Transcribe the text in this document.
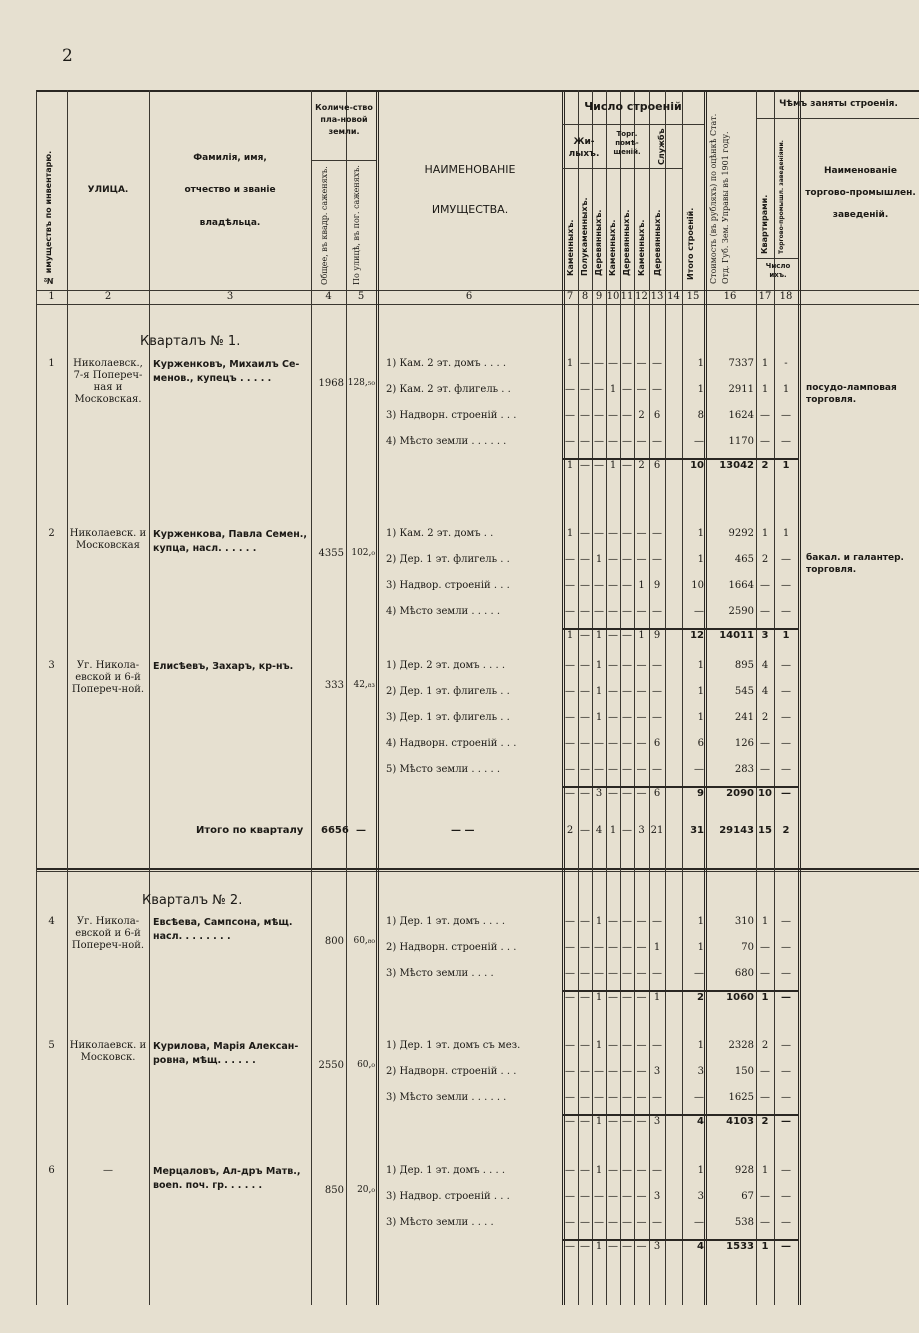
2
№ имуществъ по инвентарю.	УЛИЦА.
Фамилія, имя,
отчество и званіе
владѣльца.
Количе-ство пла-новой земли.
Общее, въ квадр. саженяхъ.	По улицѣ, въ пог. саженяхъ.	НАИМЕНОВАНІЕ
ИМУЩЕСТВА.
Число строеній
Жи-лыхъ.
Торг. помѣ-щеній.	Службъ
Каменныхъ. Полукаменныхъ. Деревянныхъ. Каменныхъ. Деревянныхъ. Каменныхъ. Деревянныхъ.	Итого строеній. Стоимость (въ рубляхъ) по оцѣнкѣ Стат. Отд. Губ. Зем. Управы въ 1901 году.
Чѣмъ заняты строенія.
Квартирами. Торгово-промышл. заведеніями.
Число ихъ.
Наименованіе торгово-промышлен. заведеній.
1	2	3	4	5	6	7 8 9 10 11 12 13 14 15	16	17 18
Кварталъ № 1.
Кварталъ № 2.
1	Николаевск., 7-я Попереч-ная и Московская.
Курженковъ, Михаилъ Се-менов., купецъ . . . . .	1968 128,₅₀
1) Кам. 2 эт. домъ . . . .	1 — — — — — —	1	7337 1	-
2) Кам. 2 эт. флигель . .	— — — 1 — — —	1	2911 1	1
3) Надворн. строеній . . .	— — — — — 2 6	8	1624 —	—
4) Мѣсто земли . . . . . .	— — — — — — —	—	1170 —	—
1 — — 1 — 2 6	10	13042 2	1
посудо-ламповая торговля.
2	Николаевск. и Московская
Курженкова, Павла Семен., купца, насл. . . . . .	4355 102,₀
1) Кам. 2 эт. домъ . .	1 — — — — — —	1	9292 1	1
2) Дер. 1 эт. флигель . .	— — 1 — — — —	1	465 2	—
3) Надвор. строеній . . .	— — — — — 1 9	10	1664 —	—
4) Мѣсто земли . . . . .	— — — — — — —	—	2590 —	—
1 — 1 — — 1 9	12	14011 3	1
бакал. и галантер. торговля.
3	Уг. Никола-евской и 6-й Попереч-ной.
Елисѣевъ, Захаръ, кр-нъ.
333	42,₈₃
1) Дер. 2 эт. домъ . . . .	— — 1 — — — —	1	895 4	—
2) Дер. 1 эт. флигель . .	— — 1 — — — —	1	545 4	—
3) Дер. 1 эт. флигель . .	— — 1 — — — —	1	241 2	—
4) Надворн. строеній . . .	— — — — — — 6	6	126 —	—
5) Мѣсто земли . . . . .	— — — — — — —	—	283 —	—
— — 3 — — — 6	9	2090 10 —
4	Уг. Никола-евской и 6-й Попереч-ной.
Евсѣева, Сампсона, мѣщ. насл. . . . . . . .	800	60,₈₀
1) Дер. 1 эт. домъ . . . .	— — 1 — — — —	1	310 1	—
2) Надворн. строеній . . .	— — — — — — 1	1	70 —	—
3) Мѣсто земли . . . .	— — — — — — —	—	680 —	—
— — 1 — — — 1	2	1060 1	—
5	Николаевск. и Московск.
Курилова, Марія Алексан-ровна, мѣщ. . . . . .	2550	60,₀
1) Дер. 1 эт. домъ съ мез.	— — 1 — — — —	1	2328 2	—
2) Надворн. строеній . . .	— — — — — — 3	3	150 —	—
3) Мѣсто земли . . . . . .	— — — — — — —	—	1625 —	—
— — 1 — — — 3	4	4103 2	—
6	—	Мерцаловъ, Ал-дръ Матв., воen. поч. гр. . . . . .	850	20,₀
1) Дер. 1 эт. домъ . . . .	— — 1 — — — —	1	928 1	—
3) Надвор. строеній . . .	— — — — — — 3	3	67 —	—
3) Мѣсто земли . . . .	— — — — — — —	—	538 —	—
— — 1 — — — 3	4	1533 1	—
Итого по кварталу 6656 —	— —	2 — 4 1 — 3 21	31	29143 15	2
